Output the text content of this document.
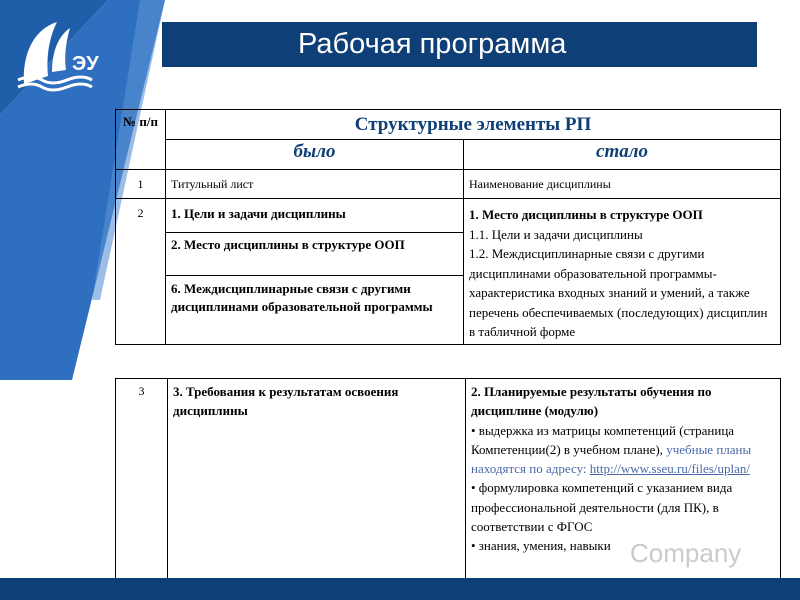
ЭУ
Рабочая программа
№ п/п	Структурные элементы РП	
	было	стало
1	Титульный лист	Наименование дисциплины
2	1. Цели и задачи дисциплины	1. Место дисциплины в структуре ООП
1.1. Цели и задачи дисциплины
1.2. Междисциплинарные связи с другими дисциплинами образовательной программы- характеристика входных знаний и умений, а также перечень обеспечиваемых (последующих) дисциплин в табличной форме

	2. Место дисциплины в структуре ООП	
	6. Междисциплинарные связи с другими дисциплинами образовательной программы	
3	3. Требования к результатам освоения дисциплины	
2. Планируемые результаты обучения по дисциплине (модулю)
• выдержка из матрицы компетенций (страница Компетенции(2) в учебном плане), учебные планы находятся по адресу: http://www.sseu.ru/files/uplan/
• формулировка компетенций с указанием вида профессиональной деятельности (для ПК), в соответствии с ФГОС
• знания, умения, навыки Company
